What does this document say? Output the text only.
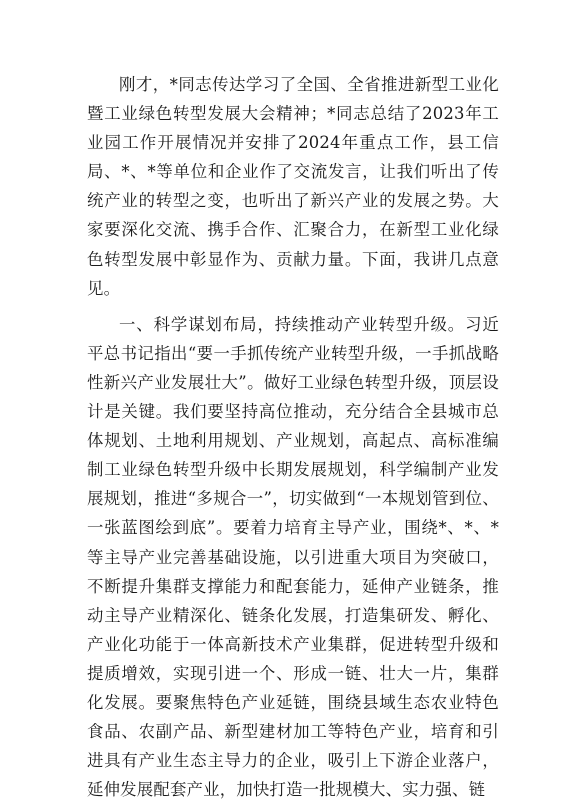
刚才，*同志传达学习了全国、全省推进新型工业化暨工业绿色转型发展大会精神；*同志总结了2023年工业园工作开展情况并安排了2024年重点工作，县工信局、*、*等单位和企业作了交流发言，让我们听出了传统产业的转型之变，也听出了新兴产业的发展之势。大家要深化交流、携手合作、汇聚合力，在新型工业化绿色转型发展中彰显作为、贡献力量。下面，我讲几点意见。

一、科学谋划布局，持续推动产业转型升级。习近平总书记指出“要一手抓传统产业转型升级，一手抓战略性新兴产业发展壮大”。做好工业绿色转型升级，顶层设计是关键。我们要坚持高位推动，充分结合全县城市总体规划、土地利用规划、产业规划，高起点、高标准编制工业绿色转型升级中长期发展规划，科学编制产业发展规划，推进“多规合一”，切实做到“一本规划管到位、一张蓝图绘到底”。要着力培育主导产业，围绕*、*、*等主导产业完善基础设施，以引进重大项目为突破口，不断提升集群支撑能力和配套能力，延伸产业链条，推动主导产业精深化、链条化发展，打造集研发、孵化、产业化功能于一体高新技术产业集群，促进转型升级和提质增效，实现引进一个、形成一链、壮大一片，集群化发展。要聚焦特色产业延链，围绕县域生态农业特色食品、农副产品、新型建材加工等特色产业，培育和引进具有产业生态主导力的企业，吸引上下游企业落户，延伸发展配套产业，加快打造一批规模大、实力强、链
